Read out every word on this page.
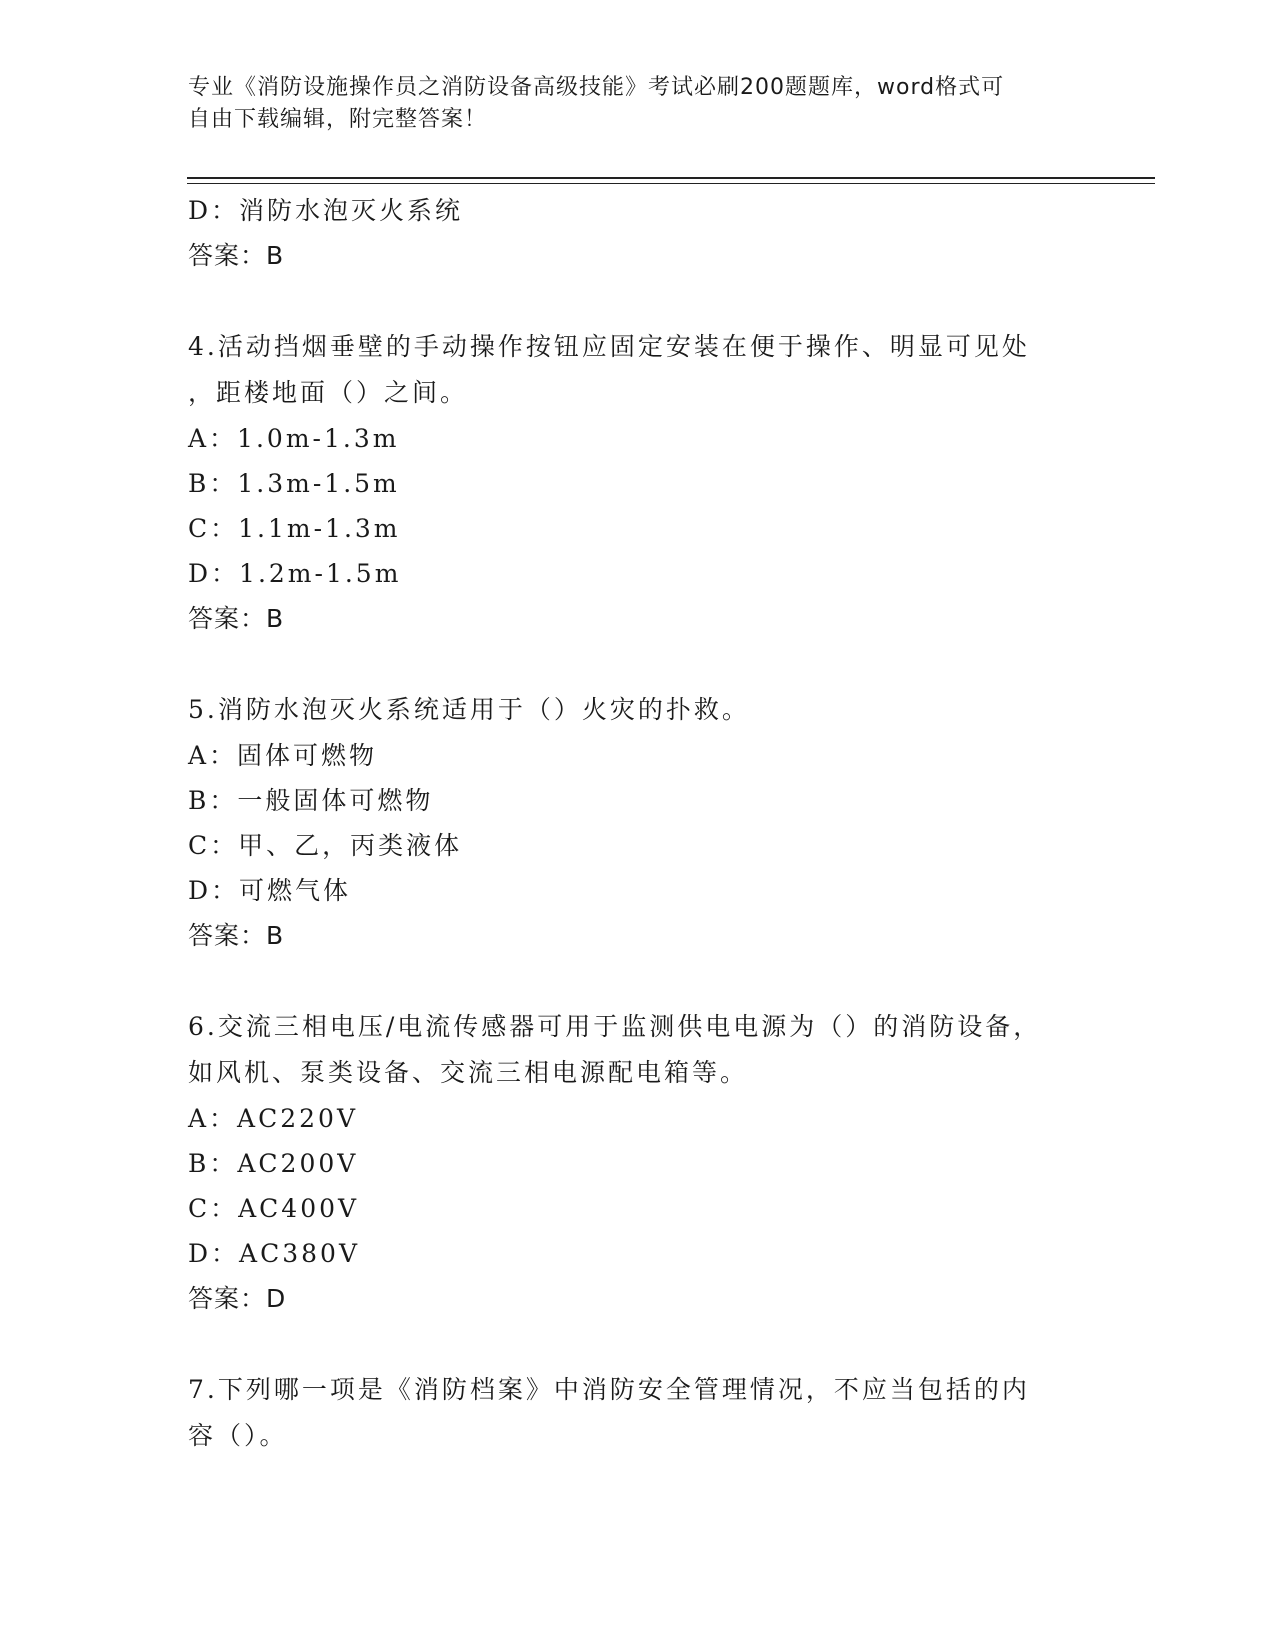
专业《消防设施操作员之消防设备高级技能》考试必刷200题题库，word格式可
自由下载编辑，附完整答案！
D：消防水泡灭火系统
答案：B
4.活动挡烟垂壁的手动操作按钮应固定安装在便于操作、明显可见处
，距楼地面（）之间。
A：1.0m-1.3m
B：1.3m-1.5m
C：1.1m-1.3m
D：1.2m-1.5m
答案：B
5.消防水泡灭火系统适用于（）火灾的扑救。
A：固体可燃物
B：一般固体可燃物
C：甲、乙，丙类液体
D：可燃气体
答案：B
6.交流三相电压/电流传感器可用于监测供电电源为（）的消防设备，
如风机、泵类设备、交流三相电源配电箱等。
A：AC220V
B：AC200V
C：AC400V
D：AC380V
答案：D
7.下列哪一项是《消防档案》中消防安全管理情况，不应当包括的内
容（）。
